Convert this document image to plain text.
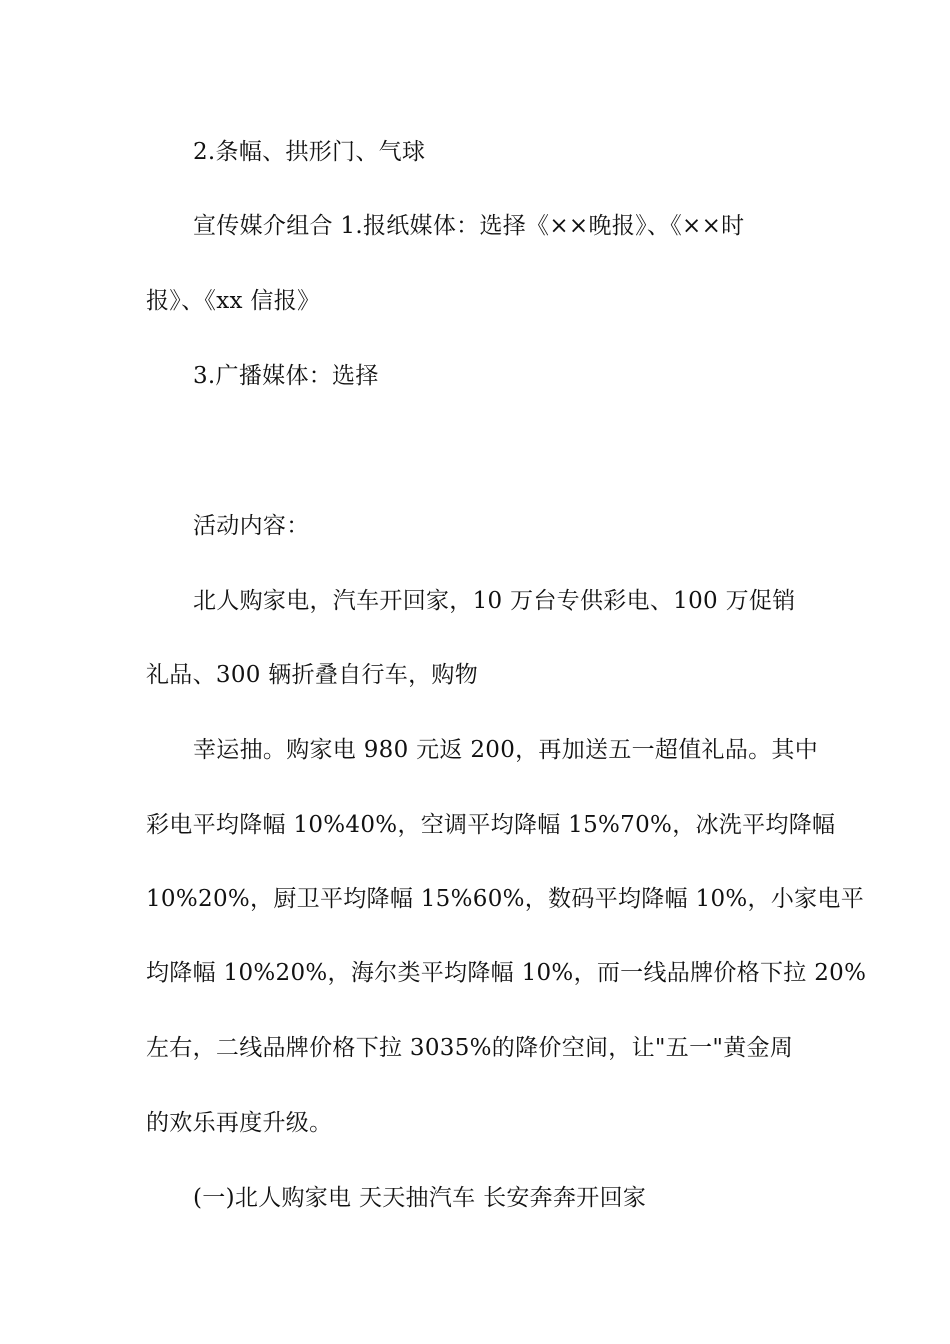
2.条幅、拱形门、气球
宣传媒介组合 1.报纸媒体：选择《××晚报》、《××时
报》、《xx 信报》
3.广播媒体：选择
活动内容：
北人购家电，汽车开回家，10 万台专供彩电、100 万促销
礼品、300 辆折叠自行车，购物
幸运抽。购家电 980 元返 200，再加送五一超值礼品。其中
彩电平均降幅 10%40%，空调平均降幅 15%70%，冰洗平均降幅
10%20%，厨卫平均降幅 15%60%，数码平均降幅 10%，小家电平
均降幅 10%20%，海尔类平均降幅 10%，而一线品牌价格下拉 20%
左右，二线品牌价格下拉 3035%的降价空间，让"五一"黄金周
的欢乐再度升级。
(一)北人购家电 天天抽汽车 长安奔奔开回家
